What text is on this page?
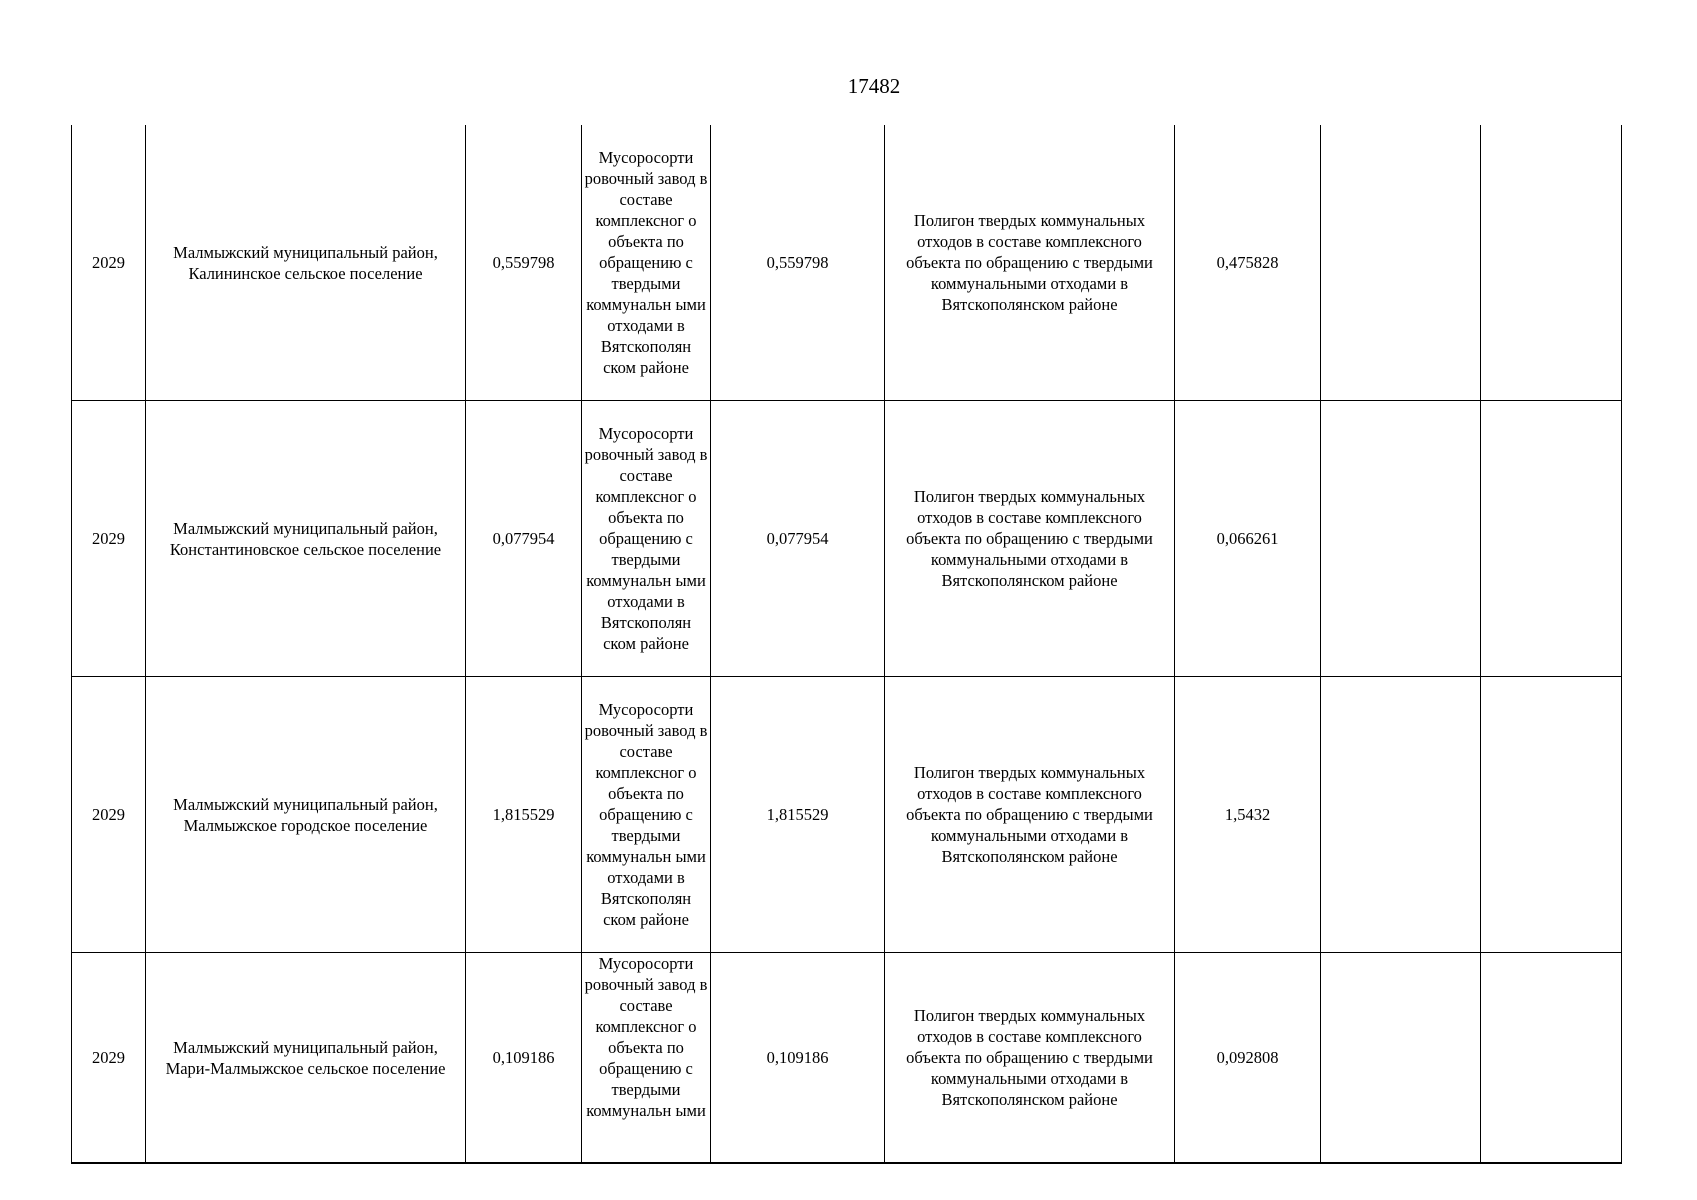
17482
2029	Малмыжский муниципальный район, Калининское сельское поселение	0,559798	Мусоросорти ровочный завод в составе комплексног о объекта по обращению с твердыми коммунальн ыми отходами в Вятскополян ском районе	0,559798	Полигон твердых коммунальных отходов в составе комплексного объекта по обращению с твердыми коммунальными отходами в Вятскополянском районе	0,475828		
2029	Малмыжский муниципальный район, Константиновское сельское поселение	0,077954	Мусоросорти ровочный завод в составе комплексног о объекта по обращению с твердыми коммунальн ыми отходами в Вятскополян ском районе	0,077954	Полигон твердых коммунальных отходов в составе комплексного объекта по обращению с твердыми коммунальными отходами в Вятскополянском районе	0,066261		
2029	Малмыжский муниципальный район, Малмыжское городское поселение	1,815529	Мусоросорти ровочный завод в составе комплексног о объекта по обращению с твердыми коммунальн ыми отходами в Вятскополян ском районе	1,815529	Полигон твердых коммунальных отходов в составе комплексного объекта по обращению с твердыми коммунальными отходами в Вятскополянском районе	1,5432		
2029	Малмыжский муниципальный район, Мари-Малмыжское сельское поселение	0,109186	Мусоросорти ровочный завод в составе комплексног о объекта по обращению с твердыми коммунальн ыми	0,109186	Полигон твердых коммунальных отходов в составе комплексного объекта по обращению с твердыми коммунальными отходами в Вятскополянском районе	0,092808		
